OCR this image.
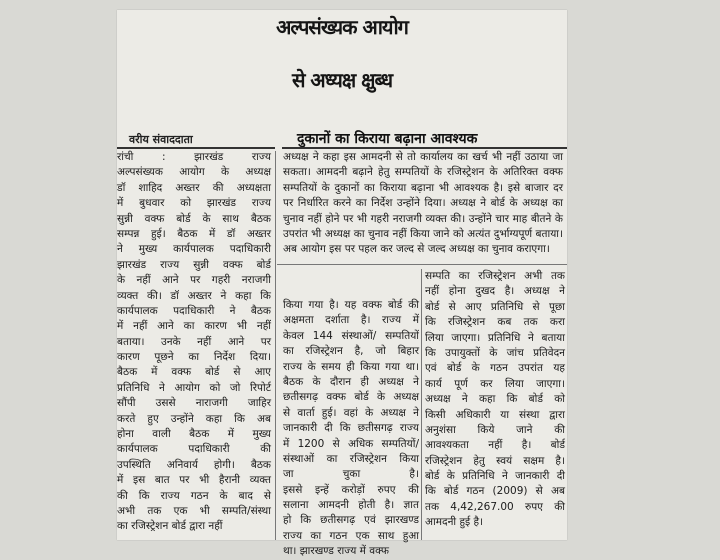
अल्पसंख्यक आयोग
से अध्यक्ष क्षुब्ध
वरीय संवाददाता	दुकानों का किराया बढ़ाना आवश्यक
रांची : झारखंड राज्य
अल्पसंख्यक आयोग के अध्यक्ष
डॉ शाहिद अख्तर की अध्यक्षता
में बुधवार को झारखंड राज्य
सुन्नी वक्फ बोर्ड के साथ बैठक
सम्पन्न हुई। बैठक में डॉ अख्तर
ने मुख्य कार्यपालक पदाधिकारी
झारखंड राज्य सुन्नी वक्फ बोर्ड
के नहीं आने पर गहरी नराजगी
व्यक्त की। डॉ अख्तर ने कहा कि
कार्यपालक पदाधिकारी ने बैठक
में नहीं आने का कारण भी नहीं
बताया। उनके नहीं आने पर
कारण पूछने का निर्देश दिया।
बैठक में वक्फ बोर्ड से आए
प्रतिनिधि ने आयोग को जो रिपोर्ट
सौंपी उससे नाराजगी जाहिर
करते हुए उन्होंने कहा कि अब
होना वाली बैठक में मुख्य
कार्यपालक पदाधिकारी की
उपस्थिति अनिवार्य होगी। बैठक
में इस बात पर भी हैरानी व्यक्त
की कि राज्य गठन के बाद से
अभी तक एक भी सम्पति/संस्था
का रजिस्ट्रेशन बोर्ड द्वारा नहीं
अध्यक्ष ने कहा इस आमदनी से तो कार्यालय का खर्च भी नहीं उठाया जा
सकता। आमदनी बढ़ाने हेतु सम्पतियों के रजिस्ट्रेशन के अतिरिक्त वक्फ
सम्पतियों के दुकानों का किराया बढ़ाना भी आवश्यक है। इसे बाजार दर
पर निर्धारित करने का निर्देश उन्होंने दिया। अध्यक्ष ने बोर्ड के अध्यक्ष का
चुनाव नहीं होने पर भी गहरी नराजगी व्यक्त की। उन्होंने चार माह बीतने के
उपरांत भी अध्यक्ष का चुनाव नहीं किया जाने को अत्यंत दुर्भाग्यपूर्ण बताया।
अब आयोग इस पर पहल कर जल्द से जल्द अध्यक्ष का चुनाव कराएगा।
किया गया है। यह वक्फ बोर्ड की
अक्षमता दर्शाता है। राज्य में
केवल 144 संस्थाओं/ सम्पतियों
का रजिस्ट्रेशन है, जो बिहार
राज्य के समय ही किया गया था।
बैठक के दौरान ही अध्यक्ष ने
छतीसगढ़ वक्फ बोर्ड के अध्यक्ष
से वार्ता हुई। वहां के अध्यक्ष ने
जानकारी दी कि छतीसगढ़ राज्य
में 1200 से अधिक सम्पतियों/
संस्थाओं का रजिस्ट्रेशन किया
जा चुका है।
इससे इन्हें करोड़ों रुपए की
सलाना आमदनी होती है। ज्ञात
हो कि छतीसगढ़ एवं झारखण्ड
राज्य का गठन एक साथ हुआ
था। झारखण्ड राज्य में वक्फ
सम्पति का रजिस्ट्रेशन अभी तक
नहीं होना दुखद है। अध्यक्ष ने
बोर्ड से आए प्रतिनिधि से पूछा
कि रजिस्ट्रेशन कब तक करा
लिया जाएगा। प्रतिनिधि ने बताया
कि उपायुक्तों के जांच प्रतिवेदन
एवं बोर्ड के गठन उपरांत यह
कार्य पूर्ण कर लिया जाएगा।
अध्यक्ष ने कहा कि बोर्ड को
किसी अधिकारी या संस्था द्वारा
अनुशंसा किये जाने की
आवश्यकता नहीं है। बोर्ड
रजिस्ट्रेशन हेतु स्वयं सक्षम है।
बोर्ड के प्रतिनिधि ने जानकारी दी
कि बोर्ड गठन (2009) से अब
तक 4,42,267.00 रुपए की
आमदनी हुई है।
